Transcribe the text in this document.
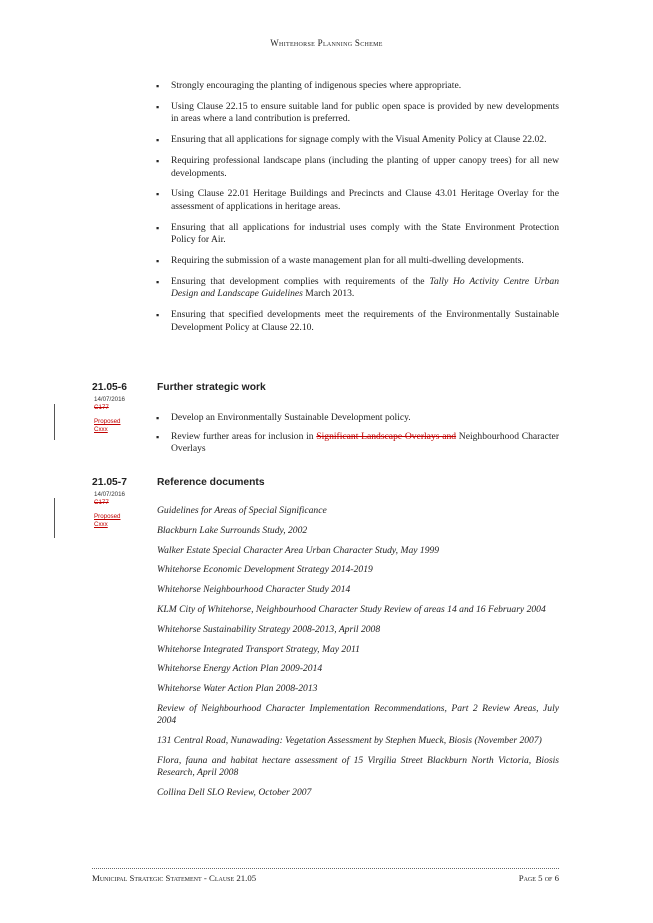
Whitehorse Planning Scheme
▪ Strongly encouraging the planting of indigenous species where appropriate.
▪ Using Clause 22.15 to ensure suitable land for public open space is provided by new developments in areas where a land contribution is preferred.
▪ Ensuring that all applications for signage comply with the Visual Amenity Policy at Clause 22.02.
▪ Requiring professional landscape plans (including the planting of upper canopy trees) for all new developments.
▪ Using Clause 22.01 Heritage Buildings and Precincts and Clause 43.01 Heritage Overlay for the assessment of applications in heritage areas.
▪ Ensuring that all applications for industrial uses comply with the State Environment Protection Policy for Air.
▪ Requiring the submission of a waste management plan for all multi-dwelling developments.
▪ Ensuring that development complies with requirements of the Tally Ho Activity Centre Urban Design and Landscape Guidelines March 2013.
▪ Ensuring that specified developments meet the requirements of the Environmentally Sustainable Development Policy at Clause 22.10.
21.05-6	Further strategic work
14/07/2016
C177
Proposed
Cxxx
▪ Develop an Environmentally Sustainable Development policy.
▪ Review further areas for inclusion in Significant Landscape Overlays and Neighbourhood Character Overlays
21.05-7	Reference documents
14/07/2016
C177
Proposed
Cxxx
Guidelines for Areas of Special Significance
Blackburn Lake Surrounds Study, 2002
Walker Estate Special Character Area Urban Character Study, May 1999
Whitehorse Economic Development Strategy 2014-2019
Whitehorse Neighbourhood Character Study 2014
KLM City of Whitehorse, Neighbourhood Character Study Review of areas 14 and 16 February 2004
Whitehorse Sustainability Strategy 2008-2013, April 2008
Whitehorse Integrated Transport Strategy, May 2011
Whitehorse Energy Action Plan 2009-2014
Whitehorse Water Action Plan 2008-2013
Review of Neighbourhood Character Implementation Recommendations, Part 2 Review Areas, July 2004
131 Central Road, Nunawading: Vegetation Assessment by Stephen Mueck, Biosis (November 2007)
Flora, fauna and habitat hectare assessment of 15 Virgilia Street Blackburn North Victoria, Biosis Research, April 2008
Collina Dell SLO Review, October 2007
Municipal Strategic Statement - Clause 21.05	Page 5 of 6
